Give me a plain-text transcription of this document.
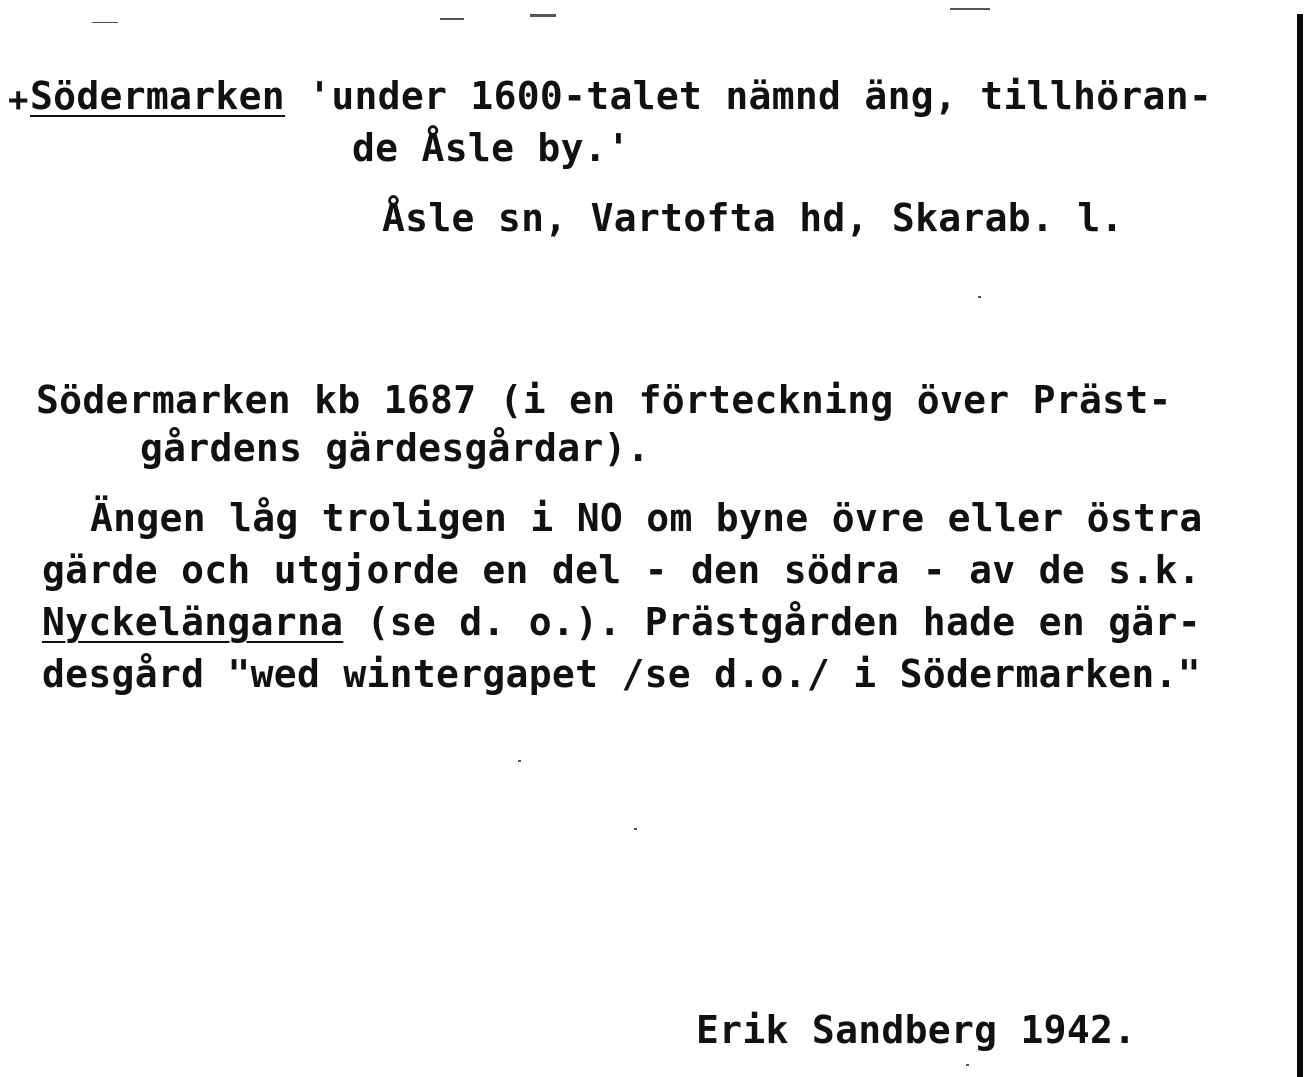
+ Södermarken 'under 1600-talet nämnd äng, tillhöran-
de Åsle by.'
Åsle sn, Vartofta hd, Skarab. l.
Södermarken kb 1687 (i en förteckning över Präst-
gårdens gärdesgårdar).
Ängen låg troligen i NO om byne övre eller östra
gärde och utgjorde en del - den södra - av de s.k.
Nyckelängarna (se d. o.). Prästgården hade en gär-
desgård "wed wintergapet /se d.o./ i Södermarken."
Erik Sandberg 1942.
